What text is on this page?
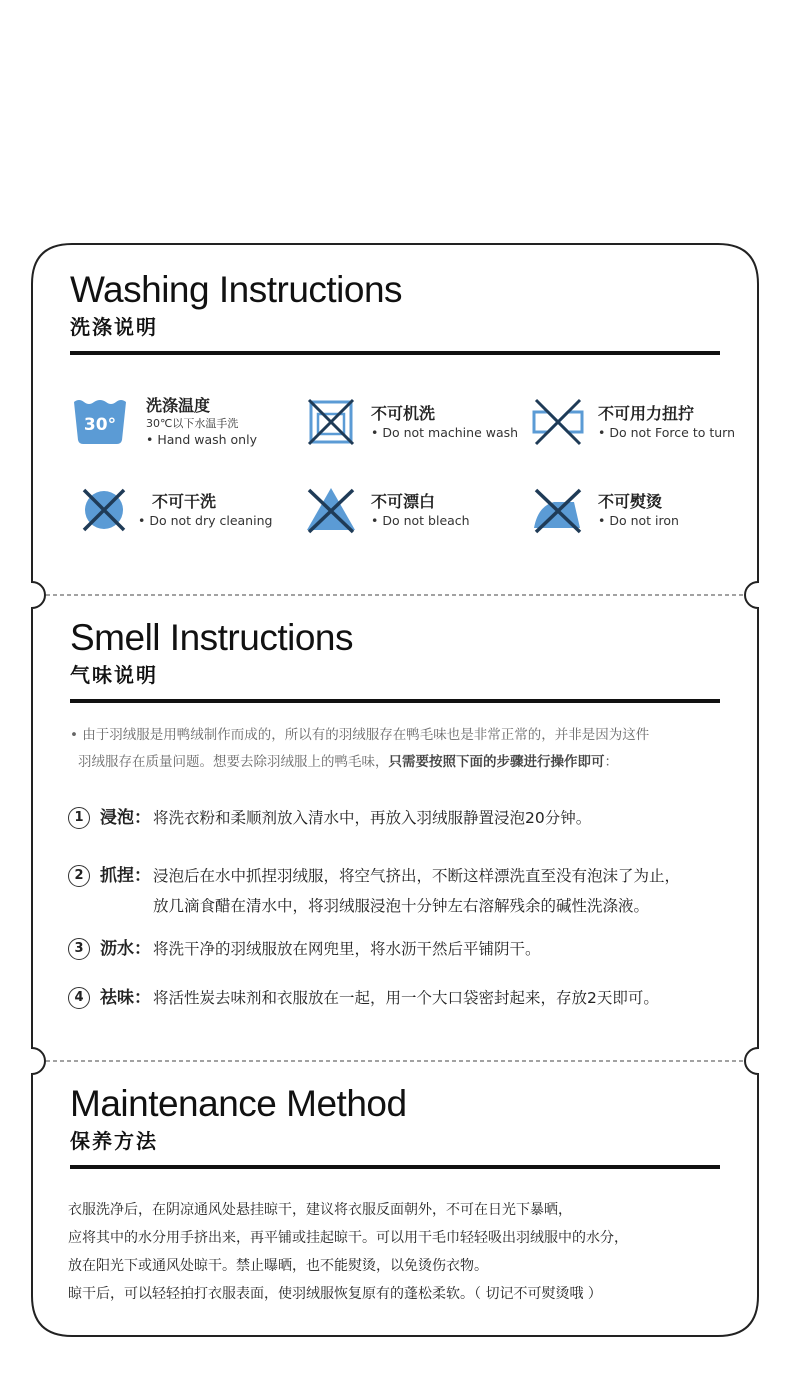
Washing Instructions
洗涤说明
30°
洗涤温度
30℃以下水温手洗
• Hand wash only
不可机洗
• Do not machine wash
不可用力扭拧
• Do not Force to turn
不可干洗
• Do not dry cleaning
不可漂白
• Do not bleach
不可熨烫
• Do not iron
Smell Instructions
气味说明
• 由于羽绒服是用鸭绒制作而成的，所以有的羽绒服存在鸭毛味也是非常正常的，并非是因为这件
羽绒服存在质量问题。想要去除羽绒服上的鸭毛味，只需要按照下面的步骤进行操作即可：
1 浸泡： 将洗衣粉和柔顺剂放入清水中，再放入羽绒服静置浸泡20分钟。
2 抓捏： 浸泡后在水中抓捏羽绒服，将空气挤出，不断这样漂洗直至没有泡沫了为止，
放几滴食醋在清水中，将羽绒服浸泡十分钟左右溶解残余的碱性洗涤液。
3 沥水： 将洗干净的羽绒服放在网兜里，将水沥干然后平铺阴干。
4 祛味： 将活性炭去味剂和衣服放在一起，用一个大口袋密封起来，存放2天即可。
Maintenance Method
保养方法
衣服洗净后，在阴凉通风处悬挂晾干，建议将衣服反面朝外，不可在日光下暴晒，
应将其中的水分用手挤出来，再平铺或挂起晾干。可以用干毛巾轻轻吸出羽绒服中的水分，
放在阳光下或通风处晾干。禁止曝晒，也不能熨烫，以免烫伤衣物。
晾干后，可以轻轻拍打衣服表面，使羽绒服恢复原有的蓬松柔软。（ 切记不可熨烫哦 ）
